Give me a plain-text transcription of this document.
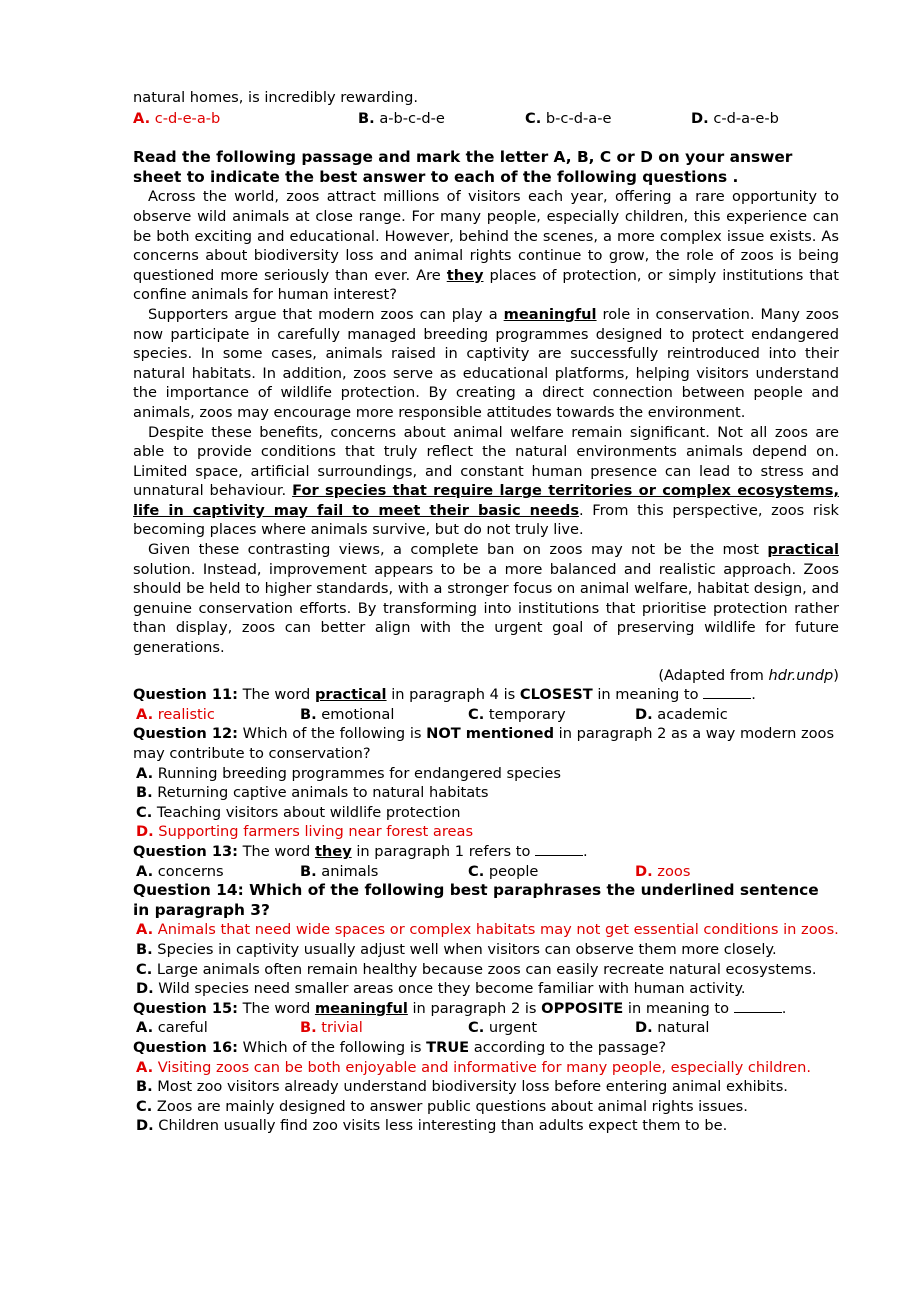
natural homes, is incredibly rewarding.

A. c-d-e-a-b	B. a-b-c-d-e	C. b-c-d-a-e	D. c-d-a-e-b

Read the following passage and mark the letter A, B, C or D on your answer sheet to indicate the best answer to each of the following questions .

Across the world, zoos attract millions of visitors each year, offering a rare opportunity to observe wild animals at close range. For many people, especially children, this experience can be both exciting and educational. However, behind the scenes, a more complex issue exists. As concerns about biodiversity loss and animal rights continue to grow, the role of zoos is being questioned more seriously than ever. Are they places of protection, or simply institutions that confine animals for human interest?

Supporters argue that modern zoos can play a meaningful role in conservation. Many zoos now participate in carefully managed breeding programmes designed to protect endangered species. In some cases, animals raised in captivity are successfully reintroduced into their natural habitats. In addition, zoos serve as educational platforms, helping visitors understand the importance of wildlife protection. By creating a direct connection between people and animals, zoos may encourage more responsible attitudes towards the environment.

Despite these benefits, concerns about animal welfare remain significant. Not all zoos are able to provide conditions that truly reflect the natural environments animals depend on. Limited space, artificial surroundings, and constant human presence can lead to stress and unnatural behaviour. For species that require large territories or complex ecosystems, life in captivity may fail to meet their basic needs. From this perspective, zoos risk becoming places where animals survive, but do not truly live.

Given these contrasting views, a complete ban on zoos may not be the most practical solution. Instead, improvement appears to be a more balanced and realistic approach. Zoos should be held to higher standards, with a stronger focus on animal welfare, habitat design, and genuine conservation efforts. By transforming into institutions that prioritise protection rather than display, zoos can better align with the urgent goal of preserving wildlife for future generations.

(Adapted from hdr.undp)

Question 11: The word practical in paragraph 4 is CLOSEST in meaning to	.

A. realistic	B. emotional	C. temporary	D. academic

Question 12: Which of the following is NOT mentioned in paragraph 2 as a way modern zoos may contribute to conservation?

A. Running breeding programmes for endangered species

B. Returning captive animals to natural habitats

C. Teaching visitors about wildlife protection

D. Supporting farmers living near forest areas

Question 13: The word they in paragraph 1 refers to	.

A. concerns	B. animals	C. people	D. zoos

Question 14: Which of the following best paraphrases the underlined sentence in paragraph 3?

A. Animals that need wide spaces or complex habitats may not get essential conditions in zoos.

B. Species in captivity usually adjust well when visitors can observe them more closely.

C. Large animals often remain healthy because zoos can easily recreate natural ecosystems.

D. Wild species need smaller areas once they become familiar with human activity.

Question 15: The word meaningful in paragraph 2 is OPPOSITE in meaning to	.

A. careful	B. trivial	C. urgent	D. natural

Question 16: Which of the following is TRUE according to the passage?

A. Visiting zoos can be both enjoyable and informative for many people, especially children.

B. Most zoo visitors already understand biodiversity loss before entering animal exhibits.

C. Zoos are mainly designed to answer public questions about animal rights issues.

D. Children usually find zoo visits less interesting than adults expect them to be.
